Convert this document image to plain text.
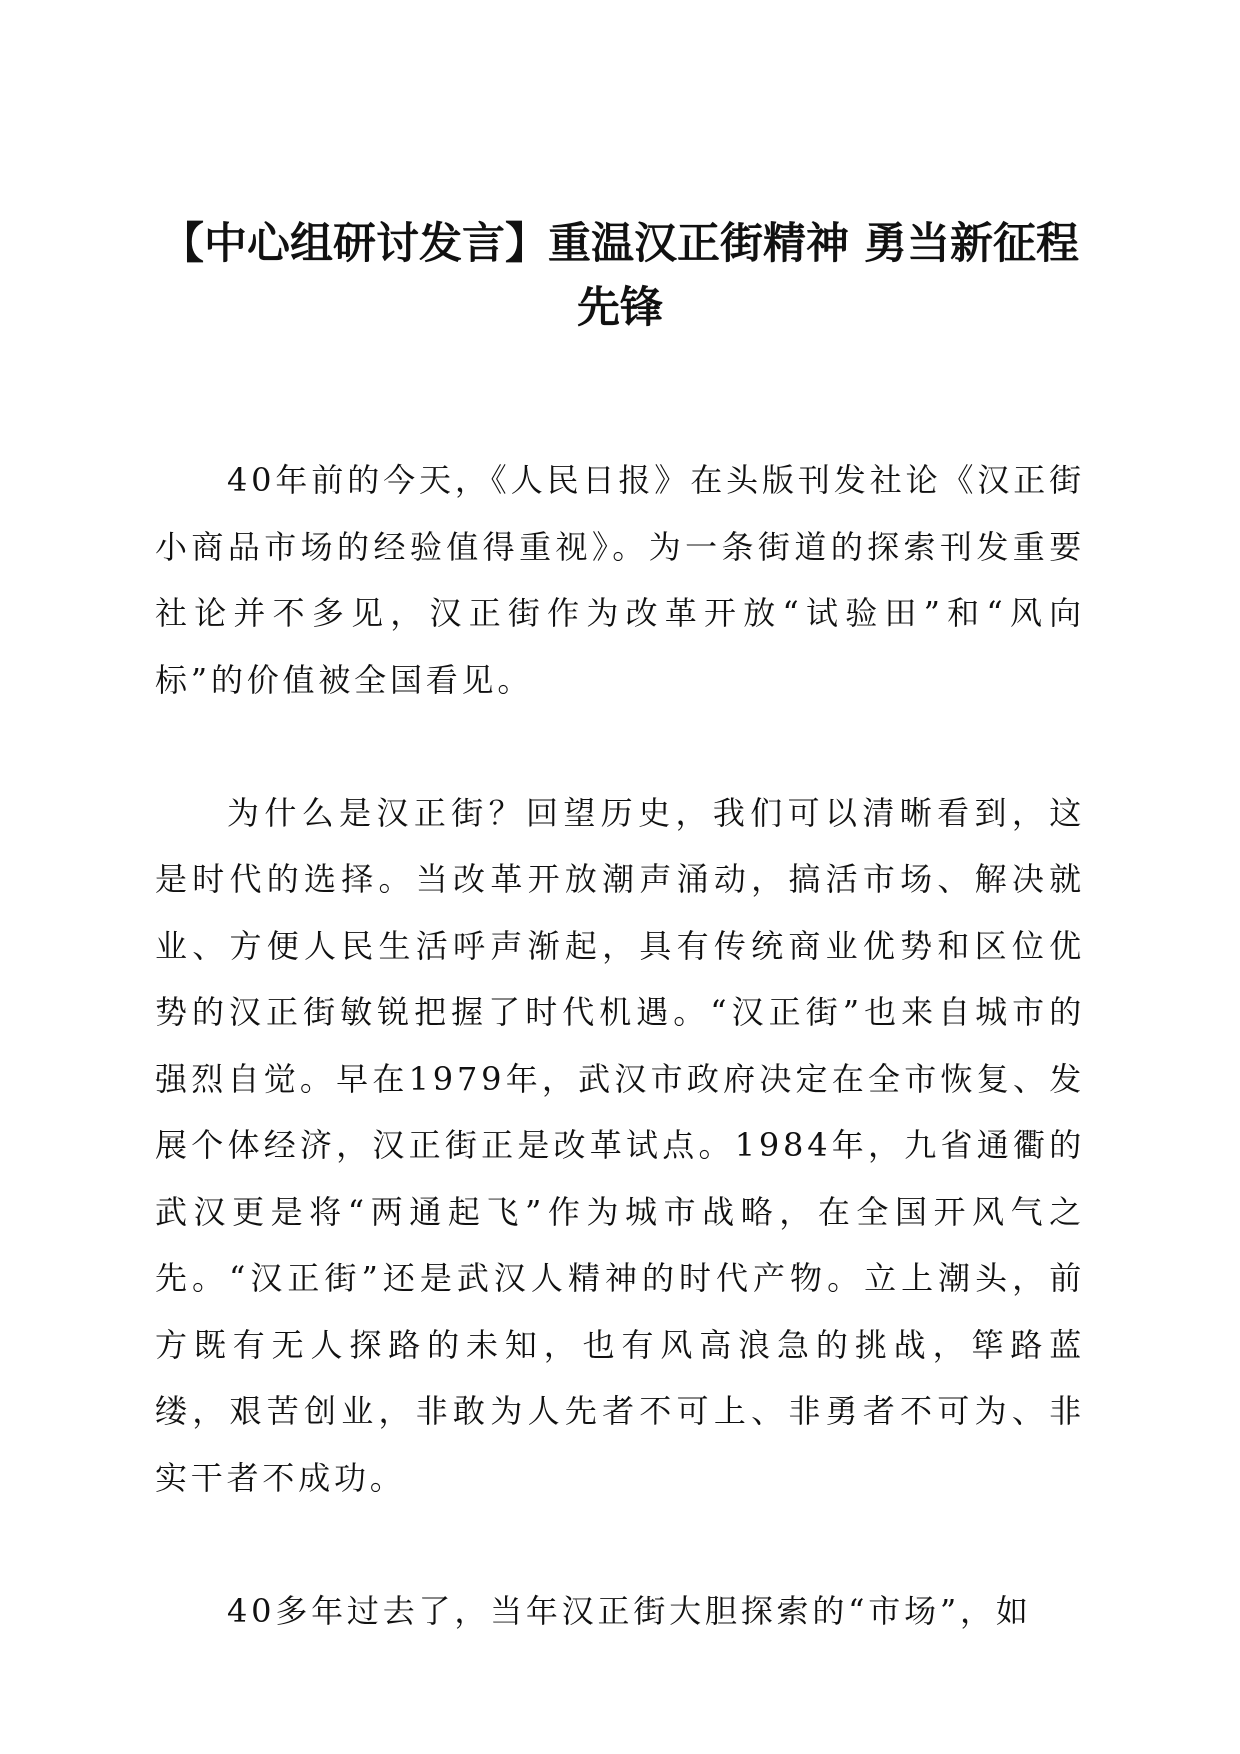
【中心组研讨发言】重温汉正街精神 勇当新征程先锋

40年前的今天，《人民日报》在头版刊发社论《汉正街小商品市场的经验值得重视》。为一条街道的探索刊发重要社论并不多见，汉正街作为改革开放“试验田”和“风向标”的价值被全国看见。

为什么是汉正街？回望历史，我们可以清晰看到，这是时代的选择。当改革开放潮声涌动，搞活市场、解决就业、方便人民生活呼声渐起，具有传统商业优势和区位优势的汉正街敏锐把握了时代机遇。“汉正街”也来自城市的强烈自觉。早在1979年，武汉市政府决定在全市恢复、发展个体经济，汉正街正是改革试点。1984年，九省通衢的武汉更是将“两通起飞”作为城市战略，在全国开风气之先。“汉正街”还是武汉人精神的时代产物。立上潮头，前方既有无人探路的未知，也有风高浪急的挑战，筚路蓝缕，艰苦创业，非敢为人先者不可上、非勇者不可为、非实干者不成功。

40多年过去了，当年汉正街大胆探索的“市场”，如
